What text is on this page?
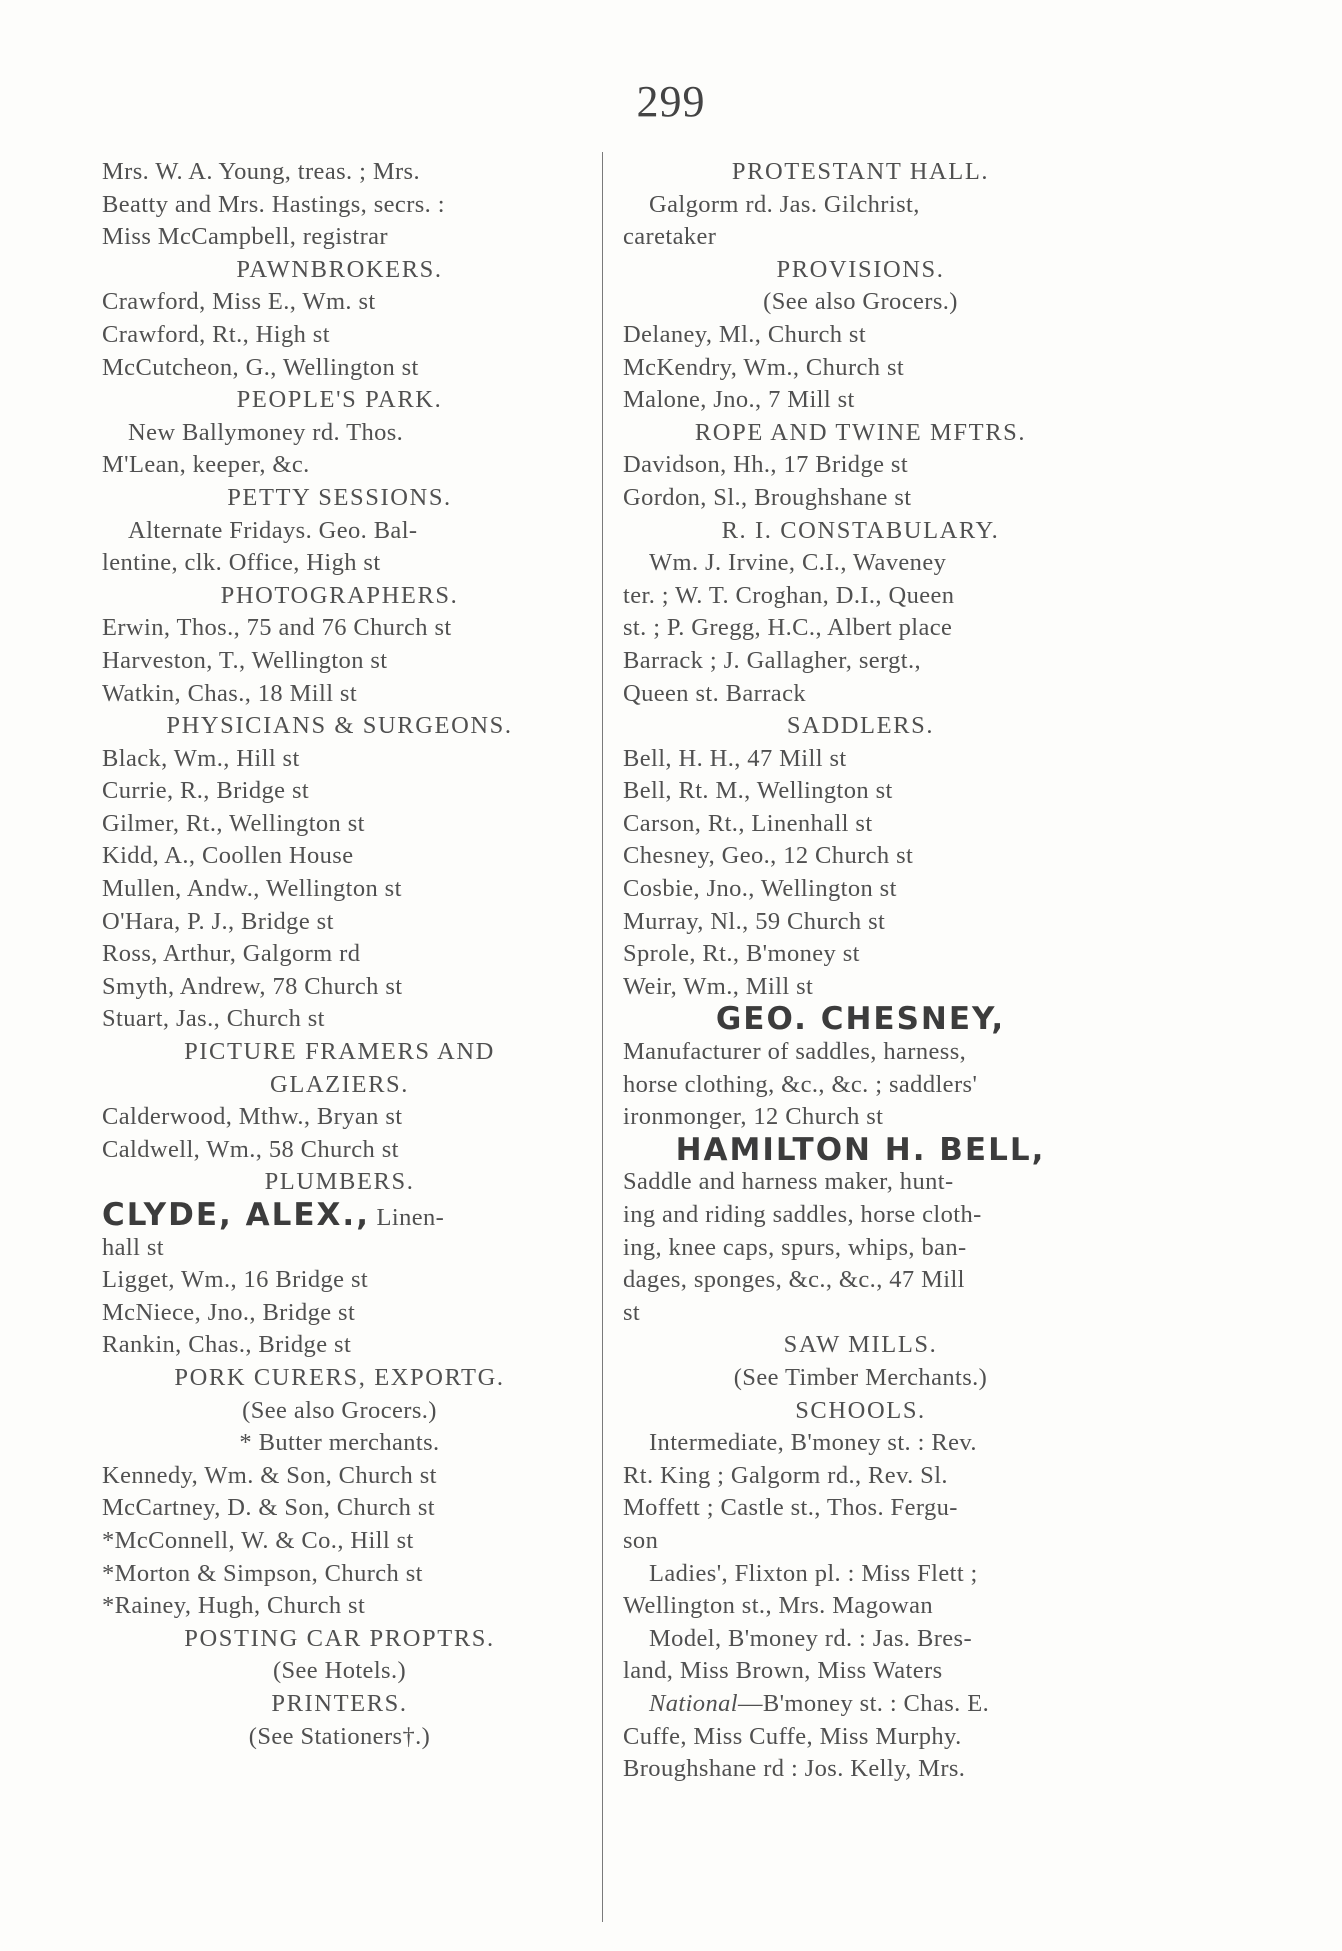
299
Mrs. W. A. Young, treas. ; Mrs.
Beatty and Mrs. Hastings, secrs. :
Miss McCampbell, registrar
PAWNBROKERS.
Crawford, Miss E., Wm. st
Crawford, Rt., High st
McCutcheon, G., Wellington st
PEOPLE'S PARK.
New Ballymoney rd. Thos.
M'Lean, keeper, &c.
PETTY SESSIONS.
Alternate Fridays. Geo. Bal-
lentine, clk. Office, High st
PHOTOGRAPHERS.
Erwin, Thos., 75 and 76 Church st
Harveston, T., Wellington st
Watkin, Chas., 18 Mill st
PHYSICIANS & SURGEONS.
Black, Wm., Hill st
Currie, R., Bridge st
Gilmer, Rt., Wellington st
Kidd, A., Coollen House
Mullen, Andw., Wellington st
O'Hara, P. J., Bridge st
Ross, Arthur, Galgorm rd
Smyth, Andrew, 78 Church st
Stuart, Jas., Church st
PICTURE FRAMERS AND
GLAZIERS.
Calderwood, Mthw., Bryan st
Caldwell, Wm., 58 Church st
PLUMBERS.
CLYDE, ALEX., Linen-
hall st
Ligget, Wm., 16 Bridge st
McNiece, Jno., Bridge st
Rankin, Chas., Bridge st
PORK CURERS, EXPORTG.
(See also Grocers.)
* Butter merchants.
Kennedy, Wm. & Son, Church st
McCartney, D. & Son, Church st
*McConnell, W. & Co., Hill st
*Morton & Simpson, Church st
*Rainey, Hugh, Church st
POSTING CAR PROPTRS.
(See Hotels.)
PRINTERS.
(See Stationers†.)
PROTESTANT HALL.
Galgorm rd. Jas. Gilchrist,
caretaker
PROVISIONS.
(See also Grocers.)
Delaney, Ml., Church st
McKendry, Wm., Church st
Malone, Jno., 7 Mill st
ROPE AND TWINE MFTRS.
Davidson, Hh., 17 Bridge st
Gordon, Sl., Broughshane st
R. I. CONSTABULARY.
Wm. J. Irvine, C.I., Waveney
ter. ; W. T. Croghan, D.I., Queen
st. ; P. Gregg, H.C., Albert place
Barrack ; J. Gallagher, sergt.,
Queen st. Barrack
SADDLERS.
Bell, H. H., 47 Mill st
Bell, Rt. M., Wellington st
Carson, Rt., Linenhall st
Chesney, Geo., 12 Church st
Cosbie, Jno., Wellington st
Murray, Nl., 59 Church st
Sprole, Rt., B'money st
Weir, Wm., Mill st
GEO. CHESNEY,
Manufacturer of saddles, harness,
horse clothing, &c., &c. ; saddlers'
ironmonger, 12 Church st
HAMILTON H. BELL,
Saddle and harness maker, hunt-
ing and riding saddles, horse cloth-
ing, knee caps, spurs, whips, ban-
dages, sponges, &c., &c., 47 Mill
st
SAW MILLS.
(See Timber Merchants.)
SCHOOLS.
Intermediate, B'money st. : Rev.
Rt. King ; Galgorm rd., Rev. Sl.
Moffett ; Castle st., Thos. Fergu-
son
Ladies', Flixton pl. : Miss Flett ;
Wellington st., Mrs. Magowan
Model, B'money rd. : Jas. Bres-
land, Miss Brown, Miss Waters
National—B'money st. : Chas. E.
Cuffe, Miss Cuffe, Miss Murphy.
Broughshane rd : Jos. Kelly, Mrs.
